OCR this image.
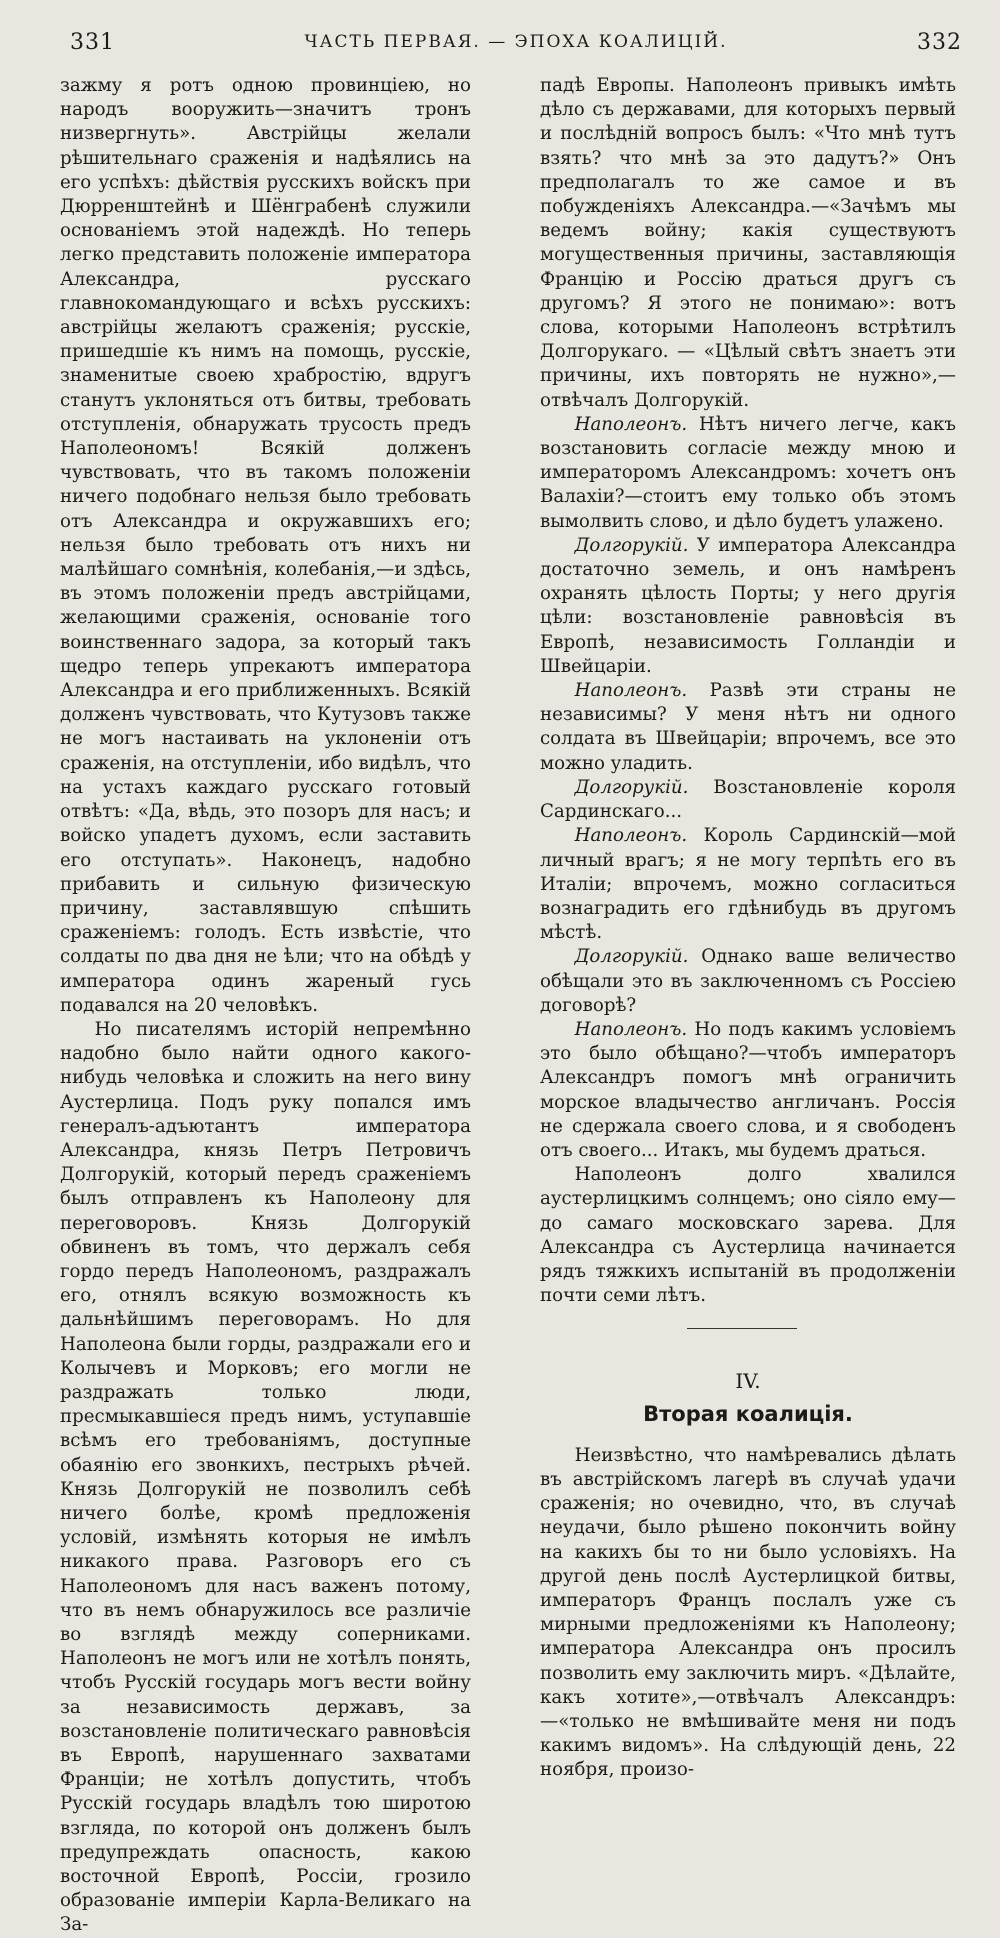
331	ЧАСТЬ ПЕРВАЯ. — ЭПОХА КОАЛИЦІЙ.	332

зажму я ротъ одною провинціею, но народъ вооружить—значитъ тронъ низвергнуть». Австрійцы желали рѣшительнаго сраженія и надѣялись на его успѣхъ: дѣйствія русскихъ войскъ при Дюрренштейнѣ и Шёнграбенѣ служили основаніемъ этой надеждѣ. Но теперь легко представить положеніе императора Александра, русскаго главнокомандующаго и всѣхъ русскихъ: австрійцы желаютъ сраженія; русскіе, пришедшіе къ нимъ на помощь, русскіе, знаменитые своею храбростію, вдругъ станутъ уклоняться отъ битвы, требовать отступленія, обнаружать трусость предъ Наполеономъ! Всякій долженъ чувствовать, что въ такомъ положеніи ничего подобнаго нельзя было требовать отъ Александра и окружавшихъ его; нельзя было требовать отъ нихъ ни малѣйшаго сомнѣнія, колебанія,—и здѣсь, въ этомъ положеніи предъ австрійцами, желающими сраженія, основаніе того воинственнаго задора, за который такъ щедро теперь упрекаютъ императора Александра и его приближенныхъ. Всякій долженъ чувствовать, что Кутузовъ также не могъ настаивать на уклоненіи отъ сраженія, на отступленіи, ибо видѣлъ, что на устахъ каждаго русскаго готовый отвѣтъ: «Да, вѣдь, это позоръ для насъ; и войско упадетъ духомъ, если заставить его отступать». Наконецъ, надобно прибавить и сильную физическую причину, заставлявшую спѣшить сраженіемъ: голодъ. Есть извѣстіе, что солдаты по два дня не ѣли; что на обѣдѣ у императора одинъ жареный гусь подавался на 20 человѣкъ.

Но писателямъ исторій непремѣнно надобно было найти одного какого-нибудь человѣка и сложить на него вину Аустерлица. Подъ руку попался имъ генералъ-адъютантъ императора Александра, князь Петръ Петровичъ Долгорукій, который передъ сраженіемъ былъ отправленъ къ Наполеону для переговоровъ. Князь Долгорукій обвиненъ въ томъ, что держалъ себя гордо передъ Наполеономъ, раздражалъ его, отнялъ всякую возможность къ дальнѣйшимъ переговорамъ. Но для Наполеона были горды, раздражали его и Колычевъ и Морковъ; его могли не раздражать только люди, пресмыкавшіеся предъ нимъ, уступавшіе всѣмъ его требованіямъ, доступные обаянію его звонкихъ, пестрыхъ рѣчей. Князь Долгорукій не позволилъ себѣ ничего болѣе, кромѣ предложенія условій, измѣнять которыя не имѣлъ никакого права. Разговоръ его съ Наполеономъ для насъ важенъ потому, что въ немъ обнаружилось все различіе во взглядѣ между соперниками. Наполеонъ не могъ или не хотѣлъ понять, чтобъ Русскій государь могъ вести войну за независимость державъ, за возстановленіе политическаго равновѣсія въ Европѣ, нарушеннаго захватами Франціи; не хотѣлъ допустить, чтобъ Русскій государь владѣлъ тою широтою взгляда, по которой онъ долженъ былъ предупреждать опасность, какою восточной Европѣ, Россіи, грозило образованіе имперіи Карла-Великаго на За-

падѣ Европы. Наполеонъ привыкъ имѣть дѣло съ державами, для которыхъ первый и послѣдній вопросъ былъ: «Что мнѣ тутъ взять? что мнѣ за это дадутъ?» Онъ предполагалъ то же самое и въ побужденіяхъ Александра.—«Зачѣмъ мы ведемъ войну; какія существуютъ могущественныя причины, заставляющія Францію и Россію драться другъ съ другомъ? Я этого не понимаю»: вотъ слова, которыми Наполеонъ встрѣтилъ Долгорукаго. — «Цѣлый свѣтъ знаетъ эти причины, ихъ повторять не нужно»,—отвѣчалъ Долгорукій.

Наполеонъ. Нѣтъ ничего легче, какъ возстановить согласіе между мною и императоромъ Александромъ: хочетъ онъ Валахіи?—стоитъ ему только объ этомъ вымолвить слово, и дѣло будетъ улажено.

Долгорукій. У императора Александра достаточно земель, и онъ намѣренъ охранять цѣлость Порты; у него другія цѣли: возстановленіе равновѣсія въ Европѣ, независимость Голландіи и Швейцаріи.

Наполеонъ. Развѣ эти страны не независимы? У меня нѣтъ ни одного солдата въ Швейцаріи; впрочемъ, все это можно уладить.

Долгорукій. Возстановленіе короля Сардинскаго...

Наполеонъ. Король Сардинскій—мой личный врагъ; я не могу терпѣть его въ Италіи; впрочемъ, можно согласиться вознаградить его гдѣнибудь въ другомъ мѣстѣ.

Долгорукій. Однако ваше величество обѣщали это въ заключенномъ съ Россіею договорѣ?

Наполеонъ. Но подъ какимъ условіемъ это было обѣщано?—чтобъ императоръ Александръ помогъ мнѣ ограничить морское владычество англичанъ. Россія не сдержала своего слова, и я свободенъ отъ своего... Итакъ, мы будемъ драться.

Наполеонъ долго хвалился аустерлицкимъ солнцемъ; оно сіяло ему—до самаго московскаго зарева. Для Александра съ Аустерлица начинается рядъ тяжкихъ испытаній въ продолженіи почти семи лѣтъ.

IV.
Вторая коалиція.

Неизвѣстно, что намѣревались дѣлать въ австрійскомъ лагерѣ въ случаѣ удачи сраженія; но очевидно, что, въ случаѣ неудачи, было рѣшено покончить войну на какихъ бы то ни было условіяхъ. На другой день послѣ Аустерлицкой битвы, императоръ Францъ послалъ уже съ мирными предложеніями къ Наполеону; императора Александра онъ просилъ позволить ему заключить миръ. «Дѣлайте, какъ хотите»,—отвѣчалъ Александръ:—«только не вмѣшивайте меня ни подъ какимъ видомъ». На слѣдующій день, 22 ноября, произо-
